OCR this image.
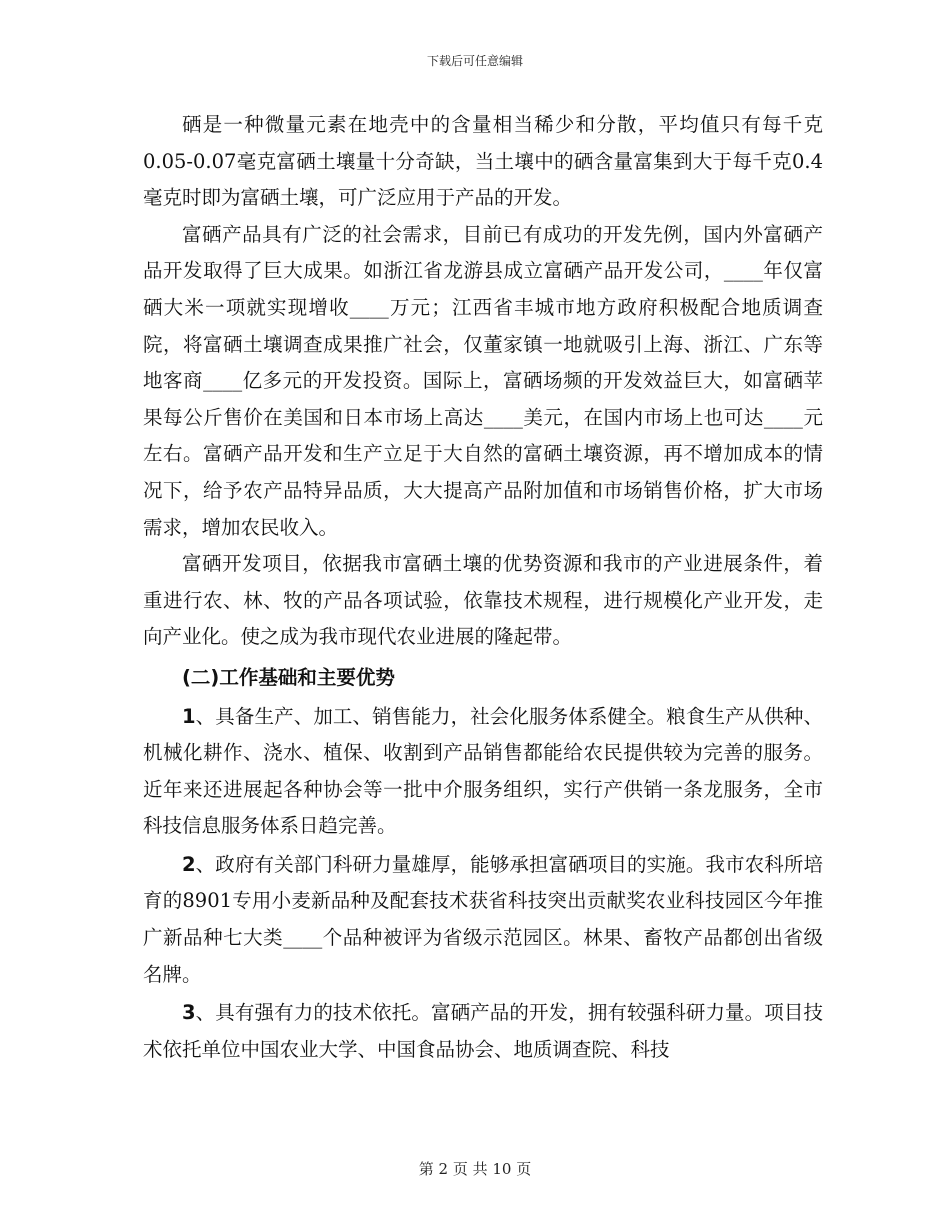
下载后可任意编辑

硒是一种微量元素在地壳中的含量相当稀少和分散，平均值只有每千克0.05-0.07毫克富硒土壤量十分奇缺，当土壤中的硒含量富集到大于每千克0.4毫克时即为富硒土壤，可广泛应用于产品的开发。

富硒产品具有广泛的社会需求，目前已有成功的开发先例，国内外富硒产品开发取得了巨大成果。如浙江省龙游县成立富硒产品开发公司，____年仅富硒大米一项就实现增收____万元；江西省丰城市地方政府积极配合地质调查院，将富硒土壤调查成果推广社会，仅董家镇一地就吸引上海、浙江、广东等地客商____亿多元的开发投资。国际上，富硒场频的开发效益巨大，如富硒苹果每公斤售价在美国和日本市场上高达____美元，在国内市场上也可达____元左右。富硒产品开发和生产立足于大自然的富硒土壤资源，再不增加成本的情况下，给予农产品特异品质，大大提高产品附加值和市场销售价格，扩大市场需求，增加农民收入。

富硒开发项目，依据我市富硒土壤的优势资源和我市的产业进展条件，着重进行农、林、牧的产品各项试验，依靠技术规程，进行规模化产业开发，走向产业化。使之成为我市现代农业进展的隆起带。

(二)工作基础和主要优势

1、具备生产、加工、销售能力，社会化服务体系健全。粮食生产从供种、机械化耕作、浇水、植保、收割到产品销售都能给农民提供较为完善的服务。近年来还进展起各种协会等一批中介服务组织，实行产供销一条龙服务，全市科技信息服务体系日趋完善。

2、政府有关部门科研力量雄厚，能够承担富硒项目的实施。我市农科所培育的8901专用小麦新品种及配套技术获省科技突出贡献奖农业科技园区今年推广新品种七大类____个品种被评为省级示范园区。林果、畜牧产品都创出省级名牌。

3、具有强有力的技术依托。富硒产品的开发，拥有较强科研力量。项目技术依托单位中国农业大学、中国食品协会、地质调查院、科技

第 2 页 共 10 页
